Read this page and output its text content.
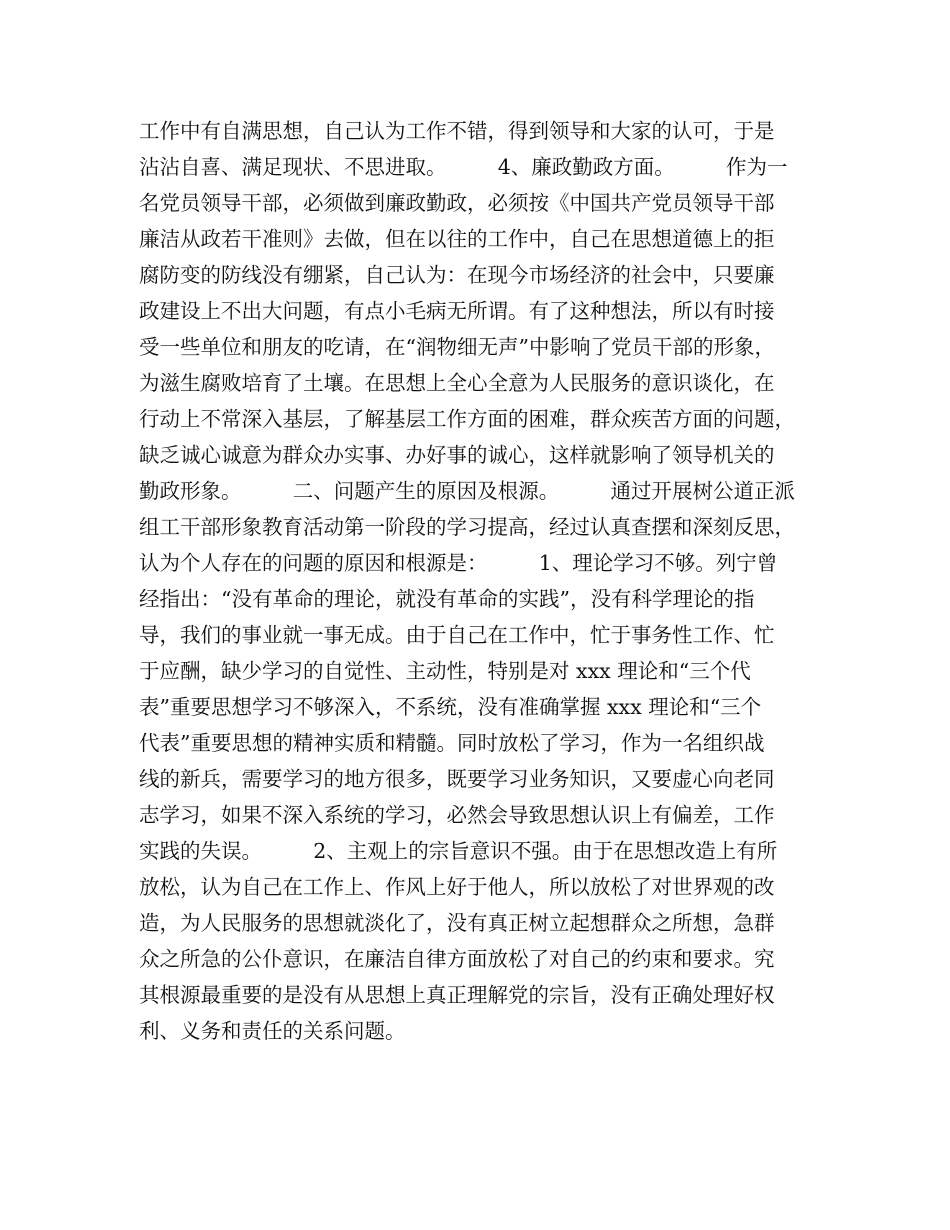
工作中有自满思想，自己认为工作不错，得到领导和大家的认可，于是
沾沾自喜、满足现状、不思进取。　　　4、廉政勤政方面。　　　作为一
名党员领导干部，必须做到廉政勤政，必须按《中国共产党员领导干部
廉洁从政若干准则》去做，但在以往的工作中，自己在思想道德上的拒
腐防变的防线没有绷紧，自己认为：在现今市场经济的社会中，只要廉
政建设上不出大问题，有点小毛病无所谓。有了这种想法，所以有时接
受一些单位和朋友的吃请，在“润物细无声”中影响了党员干部的形象，
为滋生腐败培育了土壤。在思想上全心全意为人民服务的意识谈化，在
行动上不常深入基层，了解基层工作方面的困难，群众疾苦方面的问题，
缺乏诚心诚意为群众办实事、办好事的诚心，这样就影响了领导机关的
勤政形象。　　　二、问题产生的原因及根源。　　　通过开展树公道正派
组工干部形象教育活动第一阶段的学习提高，经过认真查摆和深刻反思，
认为个人存在的问题的原因和根源是：　　　1、理论学习不够。列宁曾
经指出：“没有革命的理论，就没有革命的实践”，没有科学理论的指
导，我们的事业就一事无成。由于自己在工作中，忙于事务性工作、忙
于应酬，缺少学习的自觉性、主动性，特别是对 xxx 理论和“三个代
表”重要思想学习不够深入，不系统，没有准确掌握 xxx 理论和“三个
代表”重要思想的精神实质和精髓。同时放松了学习，作为一名组织战
线的新兵，需要学习的地方很多，既要学习业务知识，又要虚心向老同
志学习，如果不深入系统的学习，必然会导致思想认识上有偏差，工作
实践的失误。　　　2、主观上的宗旨意识不强。由于在思想改造上有所
放松，认为自己在工作上、作风上好于他人，所以放松了对世界观的改
造，为人民服务的思想就淡化了，没有真正树立起想群众之所想，急群
众之所急的公仆意识，在廉洁自律方面放松了对自己的约束和要求。究
其根源最重要的是没有从思想上真正理解党的宗旨，没有正确处理好权
利、义务和责任的关系问题。
